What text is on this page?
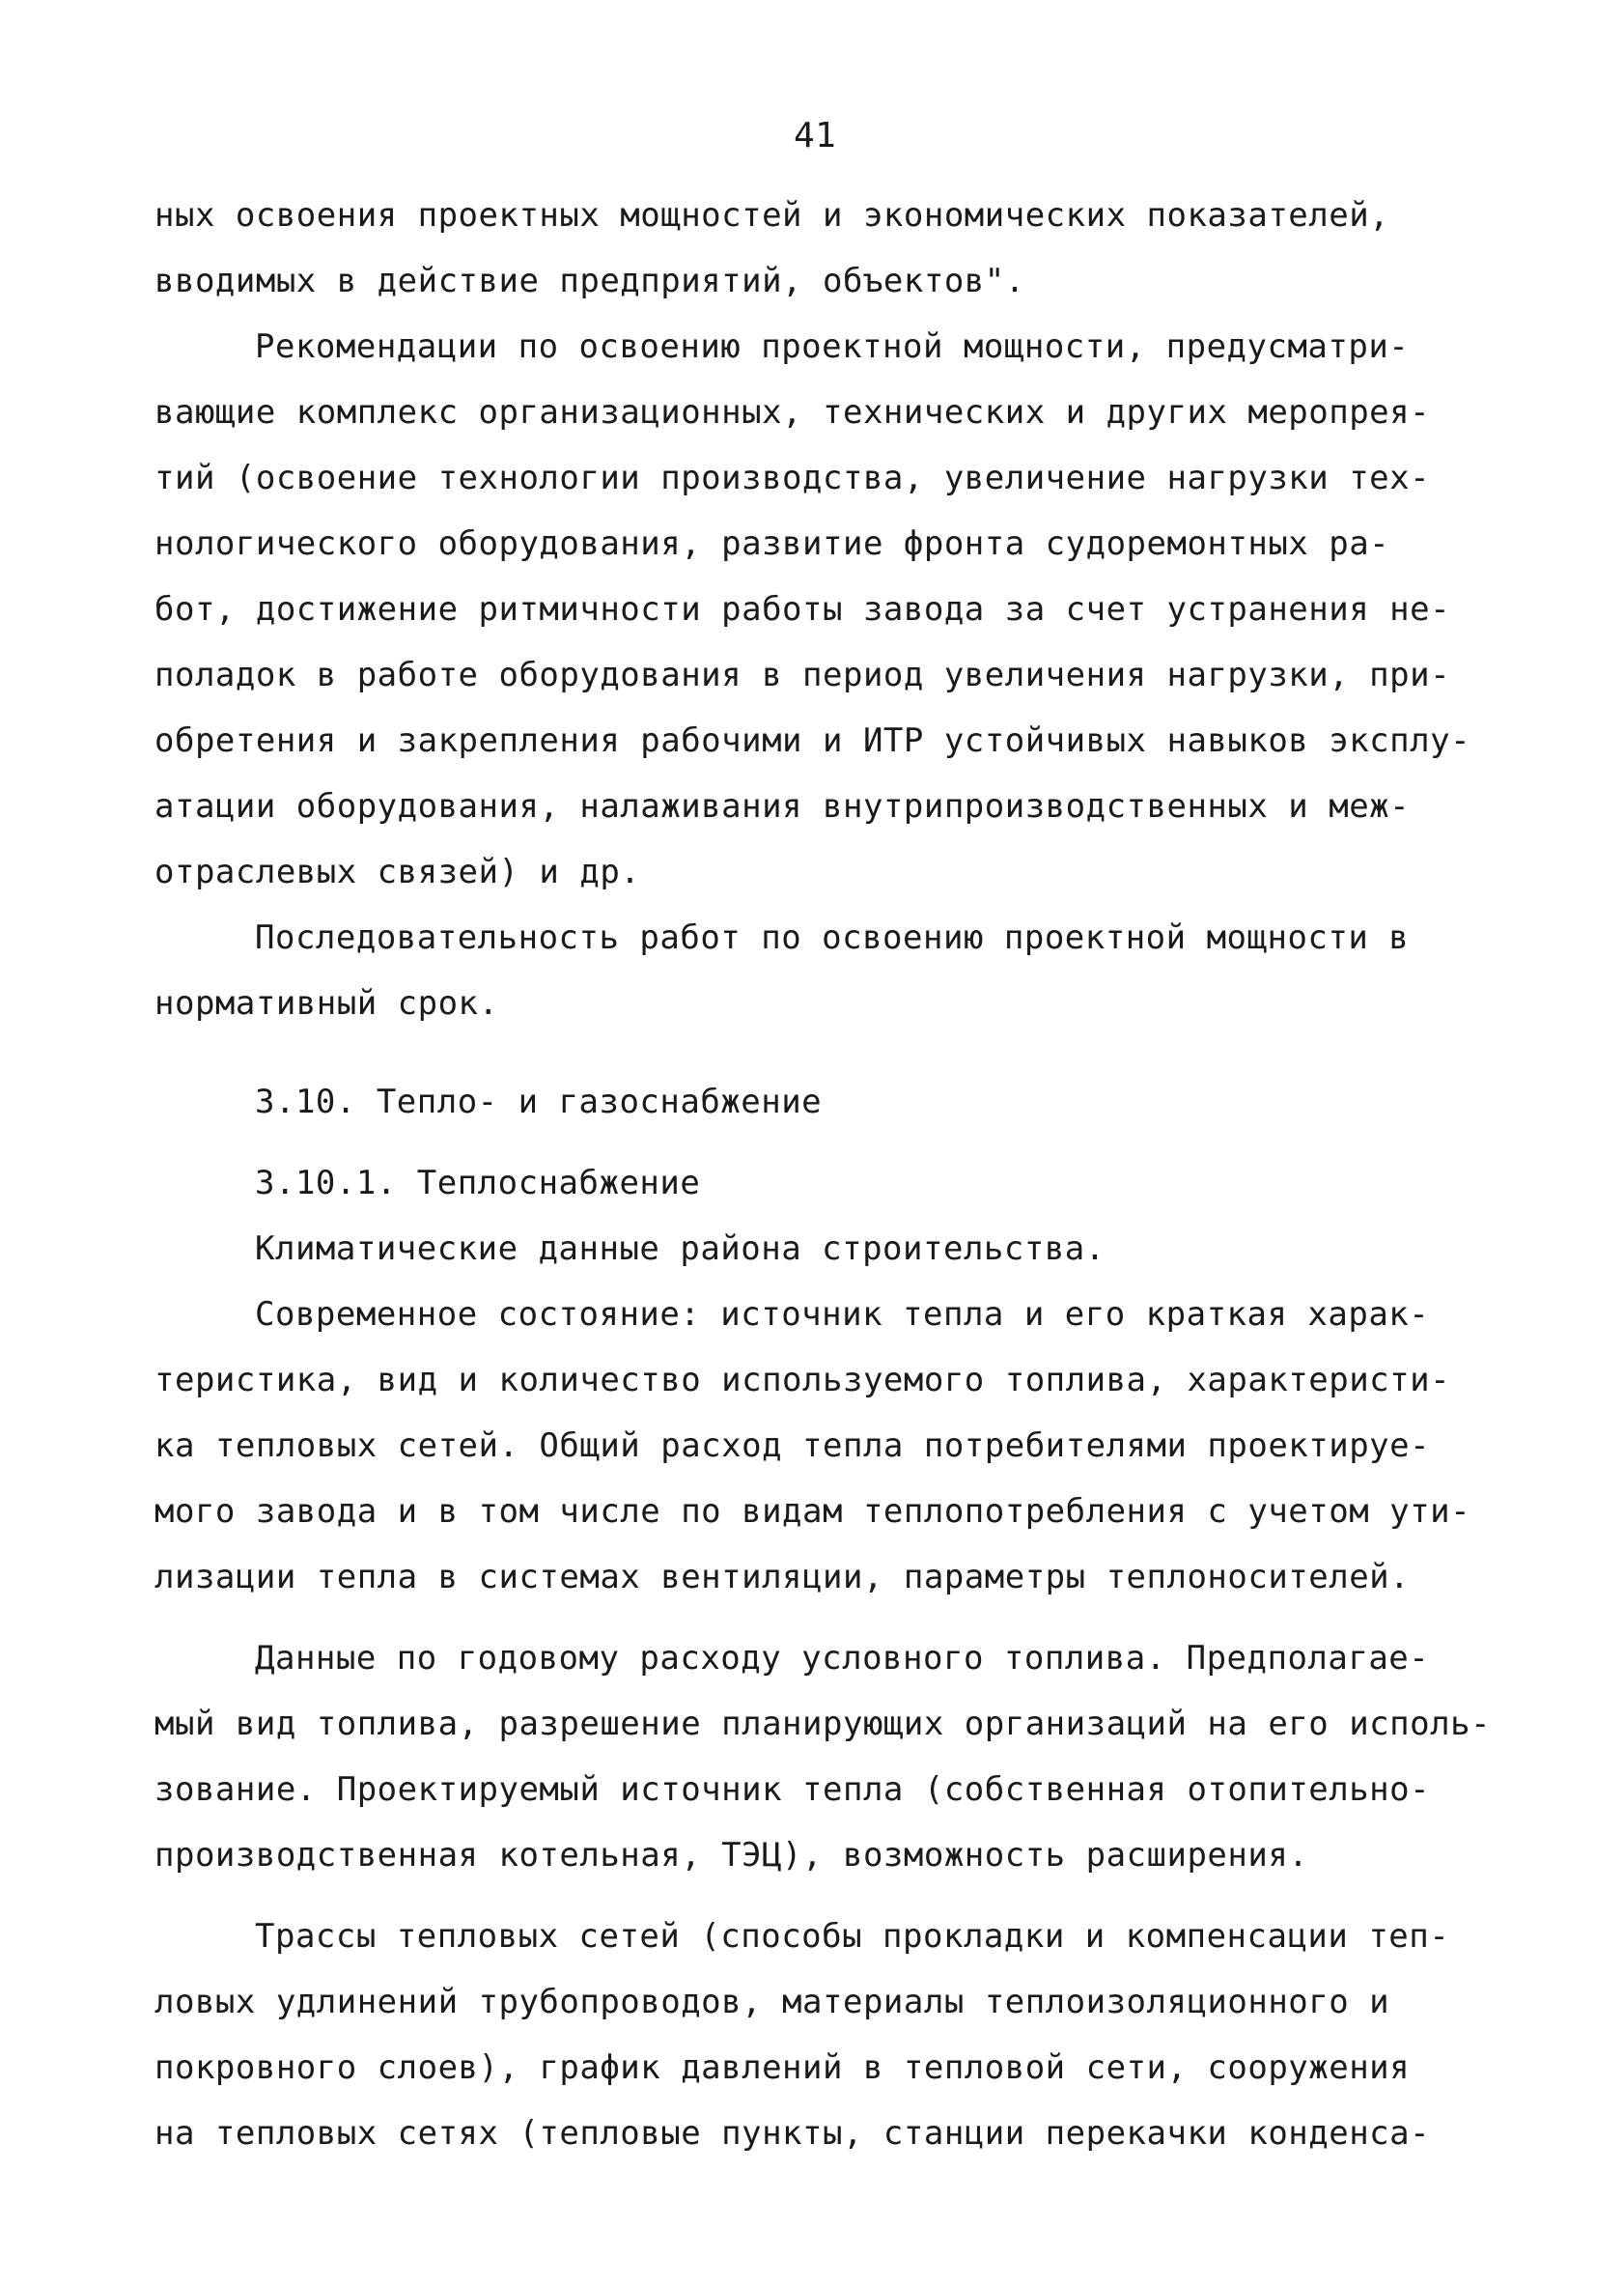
41
ных освоения проектных мощностей и экономических показателей,
вводимых в действие предприятий, объектов".
Рекомендации по освоению проектной мощности, предусматри-
вающие комплекс организационных, технических и других меропрея-
тий (освоение технологии производства, увеличение нагрузки тех-
нологического оборудования, развитие фронта судоремонтных ра-
бот, достижение ритмичности работы завода за счет устранения не-
поладок в работе оборудования в период увеличения нагрузки, при-
обретения и закрепления рабочими и ИТР устойчивых навыков эксплу-
атации оборудования, налаживания внутрипроизводственных и меж-
отраслевых связей) и др.
Последовательность работ по освоению проектной мощности в
нормативный срок.
3.10. Тепло- и газоснабжение
3.10.1. Теплоснабжение
Климатические данные района строительства.
Современное состояние: источник тепла и его краткая харак-
теристика, вид и количество используемого топлива, характеристи-
ка тепловых сетей. Общий расход тепла потребителями проектируе-
мого завода и в том числе по видам теплопотребления с учетом ути-
лизации тепла в системах вентиляции, параметры теплоносителей.
Данные по годовому расходу условного топлива. Предполагае-
мый вид топлива, разрешение планирующих организаций на его исполь-
зование. Проектируемый источник тепла (собственная отопительно-
производственная котельная, ТЭЦ), возможность расширения.
Трассы тепловых сетей (способы прокладки и компенсации теп-
ловых удлинений трубопроводов, материалы теплоизоляционного и
покровного слоев), график давлений в тепловой сети, сооружения
на тепловых сетях (тепловые пункты, станции перекачки конденса-
